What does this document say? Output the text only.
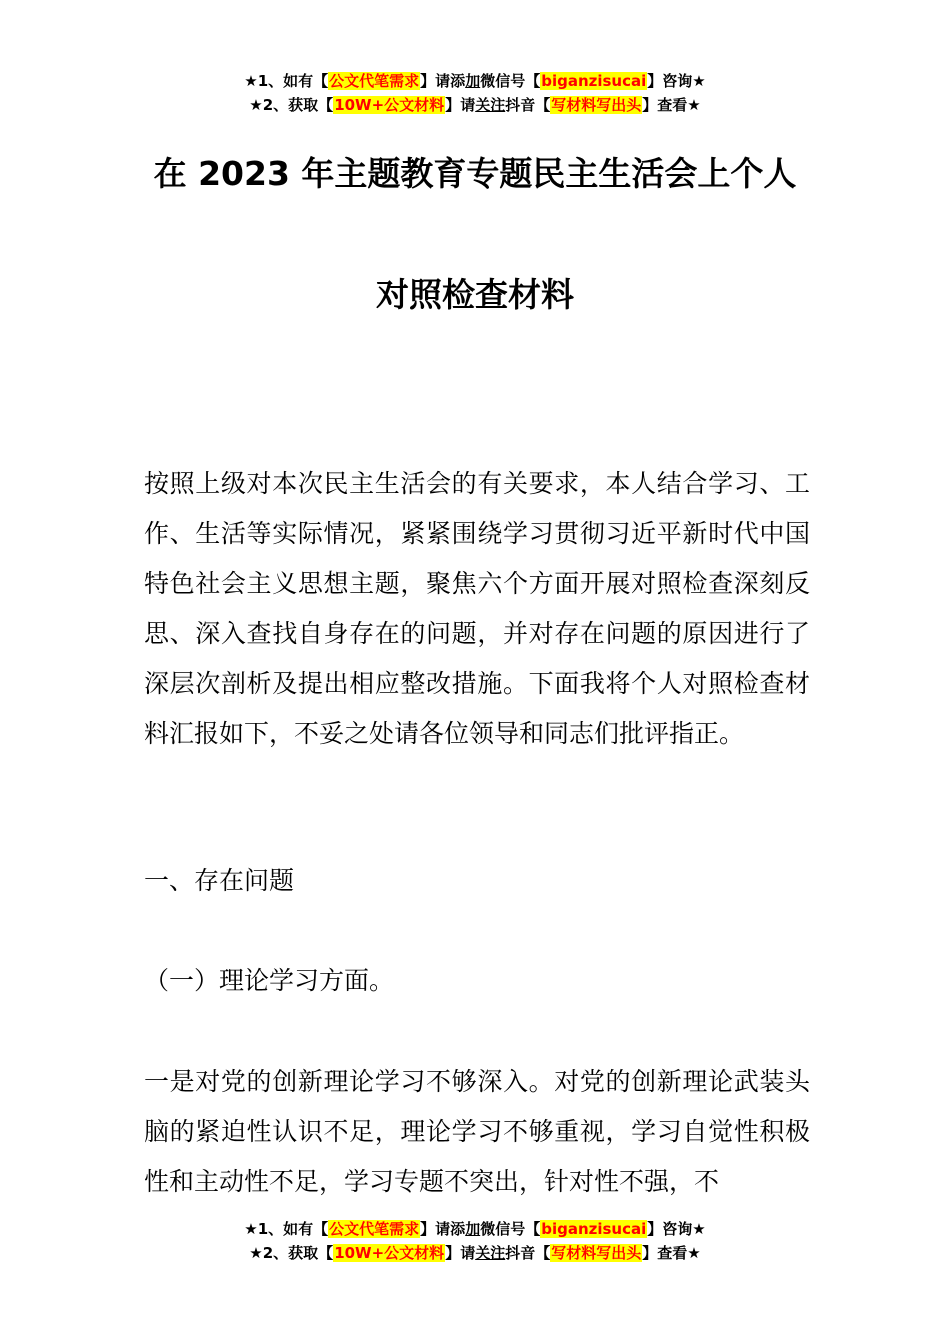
★1、如有【公文代笔需求】请添加微信号【biganzisucai】咨询★
★2、获取【10W+公文材料】请关注抖音【写材料写出头】查看★
在 2023 年主题教育专题民主生活会上个人
对照检查材料
按照上级对本次民主生活会的有关要求，本人结合学习、工作、生活等实际情况，紧紧围绕学习贯彻习近平新时代中国特色社会主义思想主题，聚焦六个方面开展对照检查深刻反思、深入查找自身存在的问题，并对存在问题的原因进行了深层次剖析及提出相应整改措施。下面我将个人对照检查材料汇报如下，不妥之处请各位领导和同志们批评指正。
一、存在问题
（一）理论学习方面。
一是对党的创新理论学习不够深入。对党的创新理论武装头脑的紧迫性认识不足，理论学习不够重视，学习自觉性积极性和主动性不足，学习专题不突出，针对性不强，不
★1、如有【公文代笔需求】请添加微信号【biganzisucai】咨询★
★2、获取【10W+公文材料】请关注抖音【写材料写出头】查看★
